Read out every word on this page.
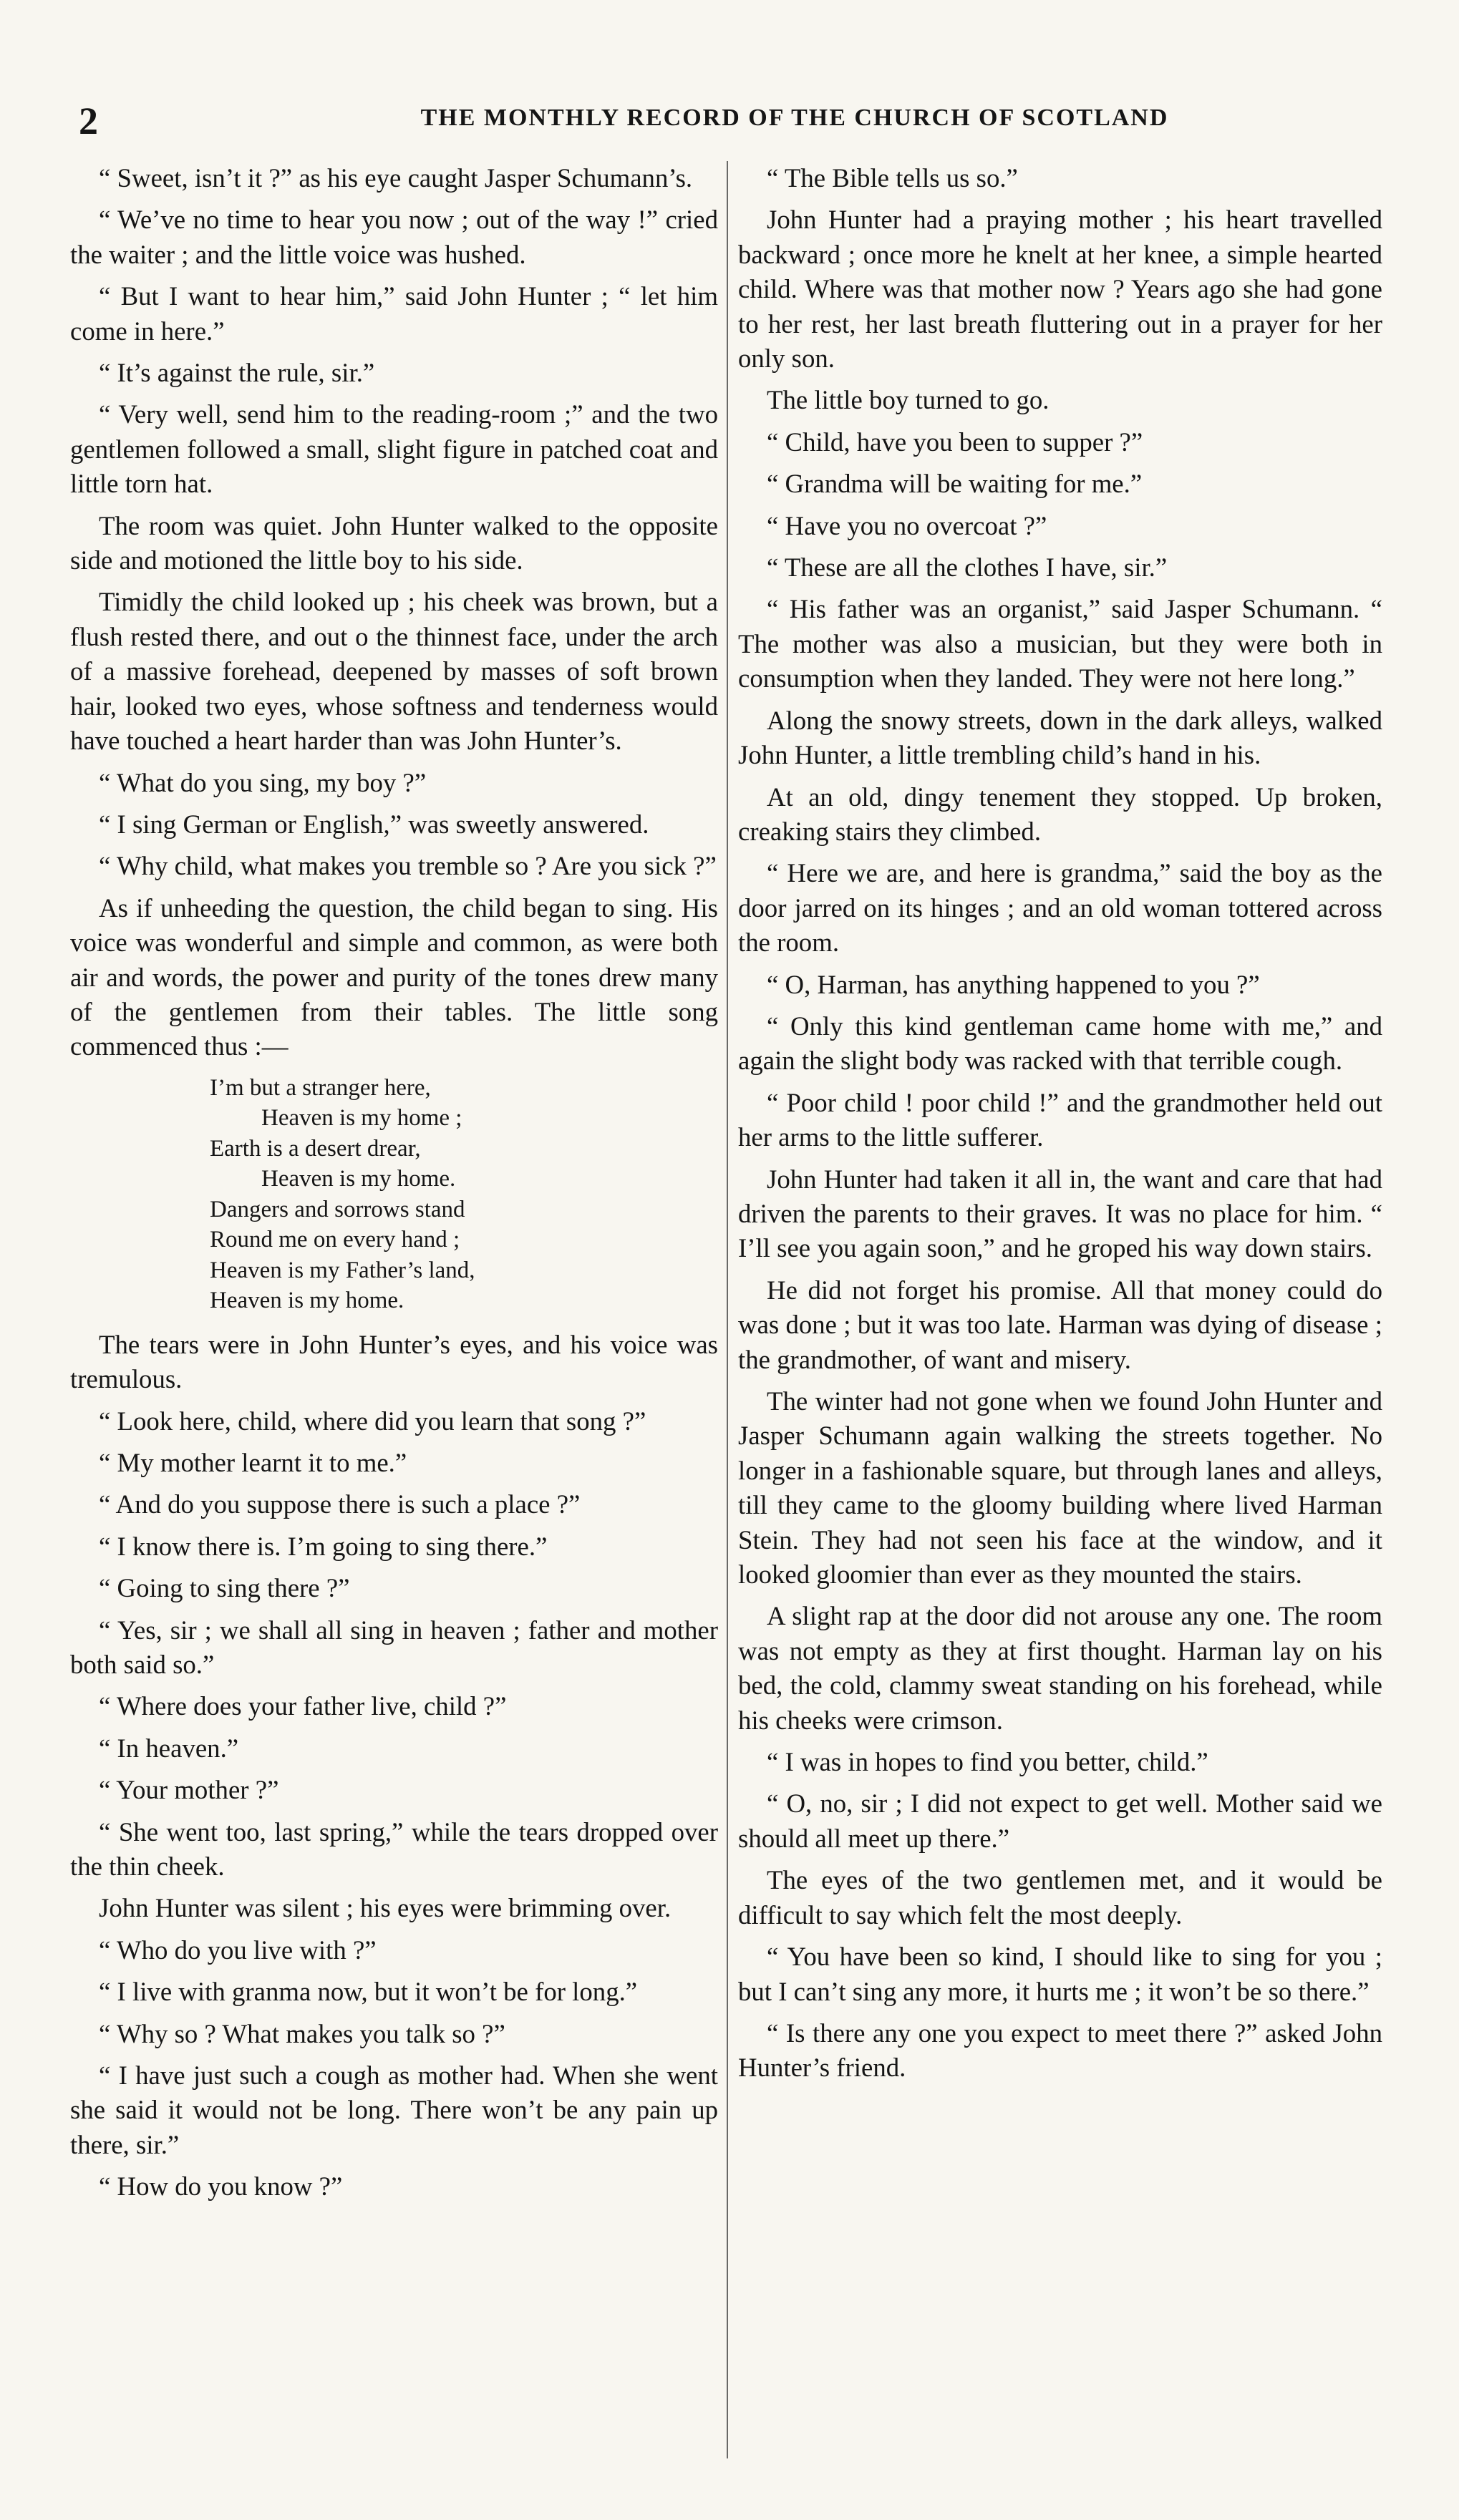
2	THE MONTHLY RECORD OF THE CHURCH OF SCOTLAND

“ Sweet, isn’t it ?” as his eye caught Jasper Schumann’s.

“ We’ve no time to hear you now ; out of the way !” cried the waiter ; and the little voice was hushed.

“ But I want to hear him,” said John Hunter ; “ let him come in here.”

“ It’s against the rule, sir.”

“ Very well, send him to the reading-room ;” and the two gentlemen followed a small, slight figure in patched coat and little torn hat.

The room was quiet. John Hunter walked to the opposite side and motioned the little boy to his side.

Timidly the child looked up ; his cheek was brown, but a flush rested there, and out o the thinnest face, under the arch of a massive forehead, deepened by masses of soft brown hair, looked two eyes, whose softness and tenderness would have touched a heart harder than was John Hunter’s.

“ What do you sing, my boy ?”

“ I sing German or English,” was sweetly answered.

“ Why child, what makes you tremble so ? Are you sick ?”

As if unheeding the question, the child began to sing. His voice was wonderful and simple and common, as were both air and words, the power and purity of the tones drew many of the gentlemen from their tables. The little song commenced thus :—

I’m but a stranger here,
Heaven is my home ;
Earth is a desert drear,
Heaven is my home.
Dangers and sorrows stand
Round me on every hand ;
Heaven is my Father’s land,
Heaven is my home.

The tears were in John Hunter’s eyes, and his voice was tremulous.

“ Look here, child, where did you learn that song ?”

“ My mother learnt it to me.”

“ And do you suppose there is such a place ?”

“ I know there is. I’m going to sing there.”

“ Going to sing there ?”

“ Yes, sir ; we shall all sing in heaven ; father and mother both said so.”

“ Where does your father live, child ?”

“ In heaven.”

“ Your mother ?”

“ She went too, last spring,” while the tears dropped over the thin cheek.

John Hunter was silent ; his eyes were brimming over.

“ Who do you live with ?”

“ I live with granma now, but it won’t be for long.”

“ Why so ? What makes you talk so ?”

“ I have just such a cough as mother had. When she went she said it would not be long. There won’t be any pain up there, sir.”

“ How do you know ?”

“ The Bible tells us so.”

John Hunter had a praying mother ; his heart travelled backward ; once more he knelt at her knee, a simple hearted child. Where was that mother now ? Years ago she had gone to her rest, her last breath fluttering out in a prayer for her only son.

The little boy turned to go.

“ Child, have you been to supper ?”

“ Grandma will be waiting for me.”

“ Have you no overcoat ?”

“ These are all the clothes I have, sir.”

“ His father was an organist,” said Jasper Schumann. “ The mother was also a musician, but they were both in consumption when they landed. They were not here long.”

Along the snowy streets, down in the dark alleys, walked John Hunter, a little trembling child’s hand in his.

At an old, dingy tenement they stopped. Up broken, creaking stairs they climbed.

“ Here we are, and here is grandma,” said the boy as the door jarred on its hinges ; and an old woman tottered across the room.

“ O, Harman, has anything happened to you ?”

“ Only this kind gentleman came home with me,” and again the slight body was racked with that terrible cough.

“ Poor child ! poor child !” and the grandmother held out her arms to the little sufferer.

John Hunter had taken it all in, the want and care that had driven the parents to their graves. It was no place for him. “ I’ll see you again soon,” and he groped his way down stairs.

He did not forget his promise. All that money could do was done ; but it was too late. Harman was dying of disease ; the grandmother, of want and misery.

The winter had not gone when we found John Hunter and Jasper Schumann again walking the streets together. No longer in a fashionable square, but through lanes and alleys, till they came to the gloomy building where lived Harman Stein. They had not seen his face at the window, and it looked gloomier than ever as they mounted the stairs.

A slight rap at the door did not arouse any one. The room was not empty as they at first thought. Harman lay on his bed, the cold, clammy sweat standing on his forehead, while his cheeks were crimson.

“ I was in hopes to find you better, child.”

“ O, no, sir ; I did not expect to get well. Mother said we should all meet up there.”

The eyes of the two gentlemen met, and it would be difficult to say which felt the most deeply.

“ You have been so kind, I should like to sing for you ; but I can’t sing any more, it hurts me ; it won’t be so there.”

“ Is there any one you expect to meet there ?” asked John Hunter’s friend.
